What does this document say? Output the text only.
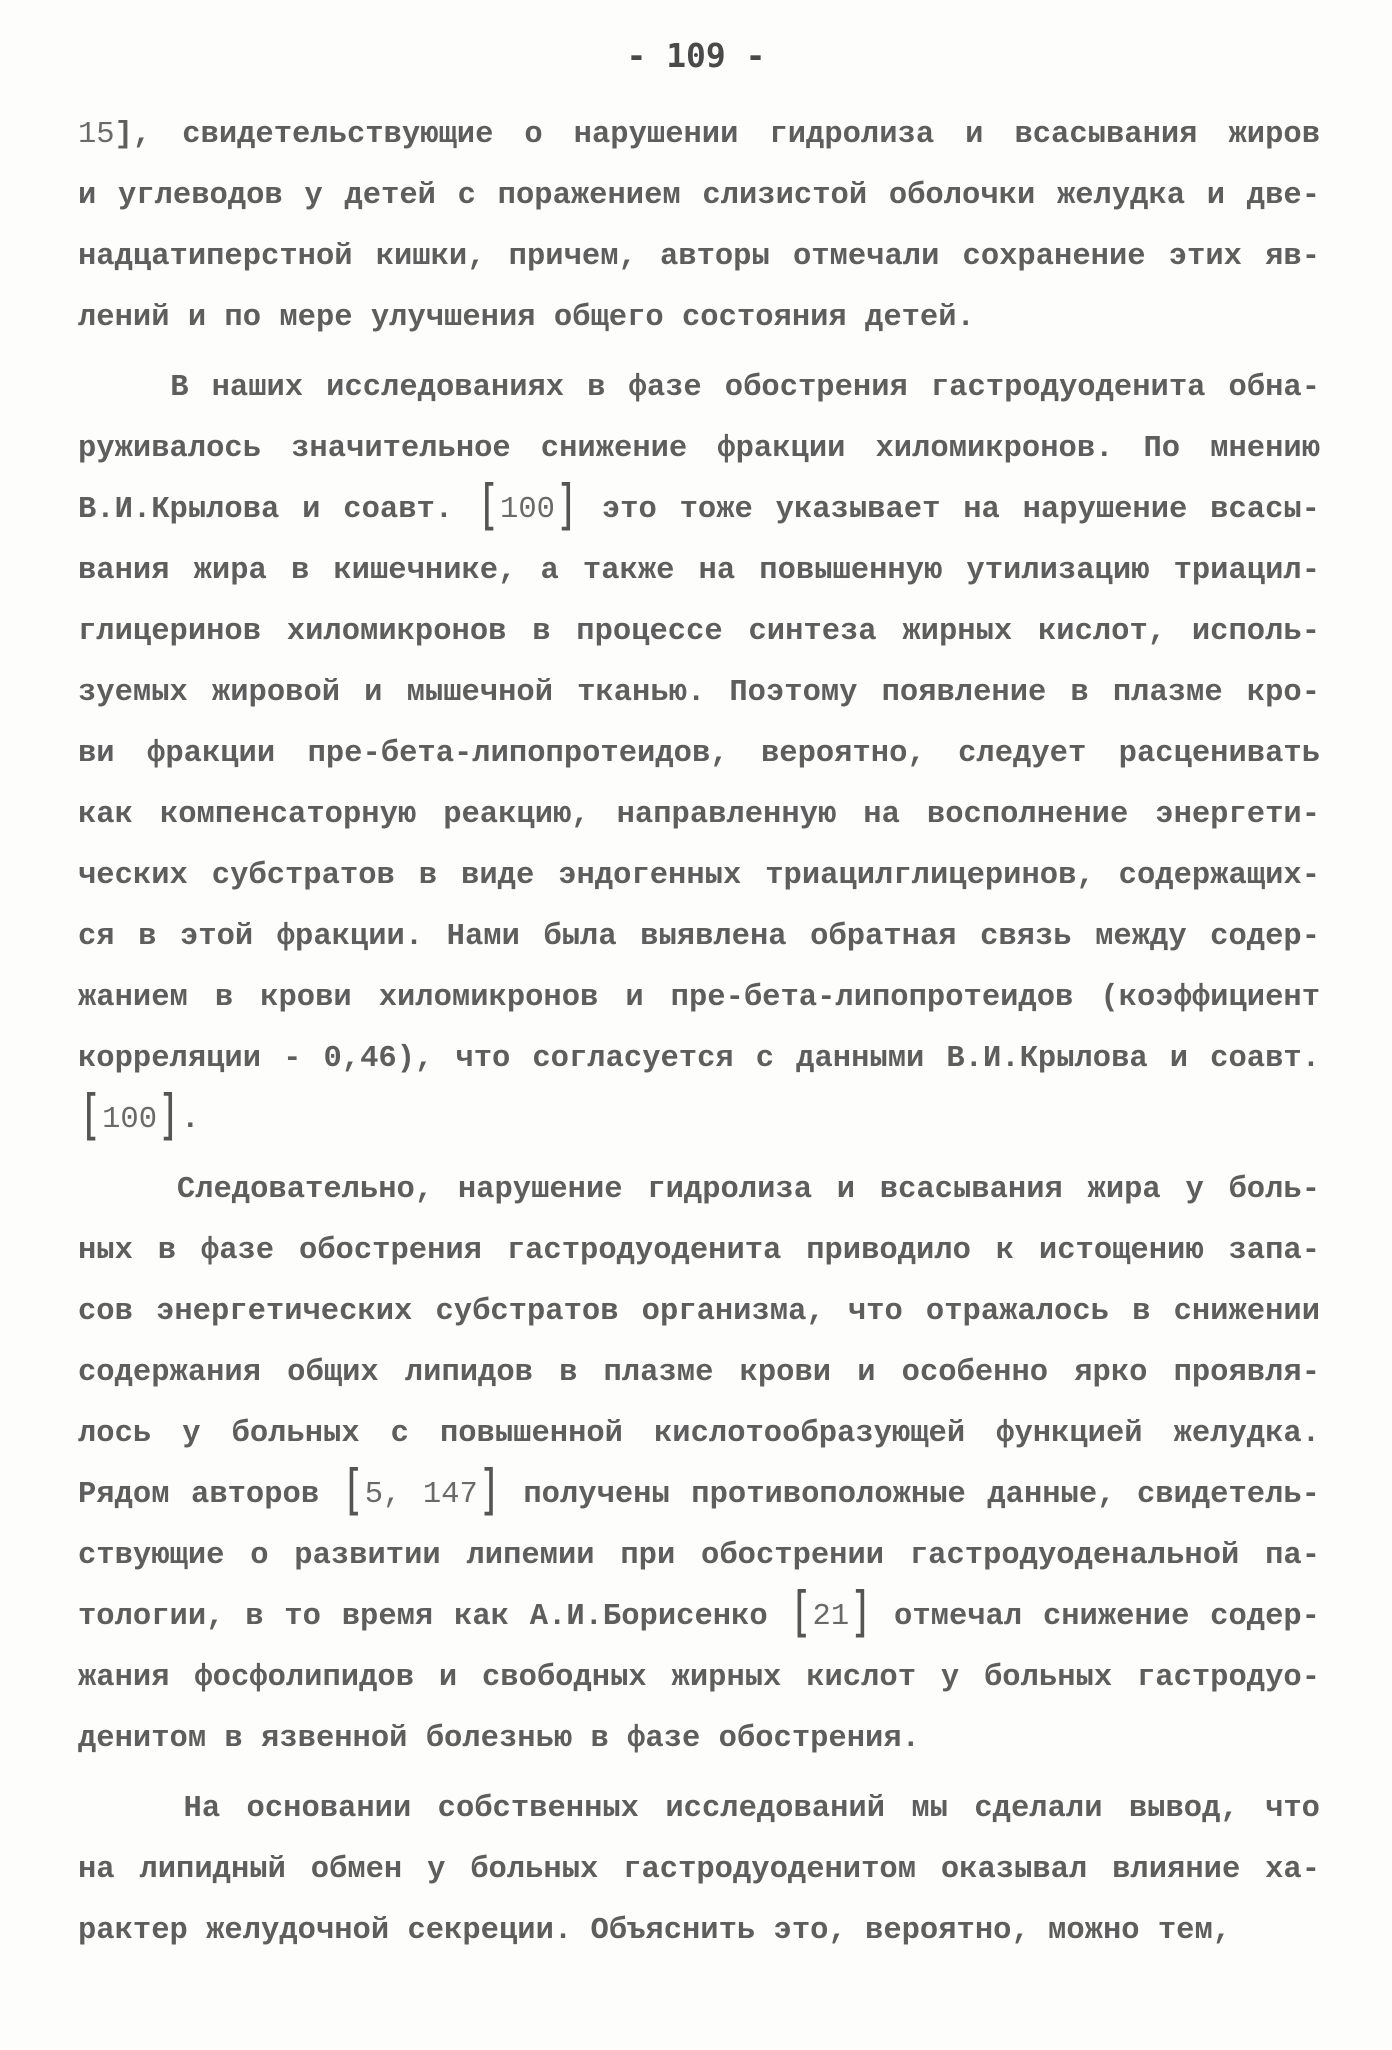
- 109 -

15], свидетельствующие о нарушении гидролиза и всасывания жиров
и углеводов у детей с поражением слизистой оболочки желудка и две-
надцатиперстной кишки, причем, авторы отмечали сохранение этих яв-
лений и по мере улучшения общего состояния детей.
В наших исследованиях в фазе обострения гастродуоденита обна-
руживалось значительное снижение фракции хиломикронов. По мнению
В.И.Крылова и соавт. [100] это тоже указывает на нарушение всасы-
вания жира в кишечнике, а также на повышенную утилизацию триацил-
глицеринов хиломикронов в процессе синтеза жирных кислот, исполь-
зуемых жировой и мышечной тканью. Поэтому появление в плазме кро-
ви фракции пре-бета-липопротеидов, вероятно, следует расценивать
как компенсаторную реакцию, направленную на восполнение энергети-
ческих субстратов в виде эндогенных триацилглицеринов, содержащих-
ся в этой фракции. Нами была выявлена обратная связь между содер-
жанием в крови хиломикронов и пре-бета-липопротеидов (коэффициент
корреляции - 0,46), что согласуется с данными В.И.Крылова и соавт.
[100].
Следовательно, нарушение гидролиза и всасывания жира у боль-
ных в фазе обострения гастродуоденита приводило к истощению запа-
сов энергетических субстратов организма, что отражалось в снижении
содержания общих липидов в плазме крови и особенно ярко проявля-
лось у больных с повышенной кислотообразующей функцией желудка.
Рядом авторов [5, 147] получены противоположные данные, свидетель-
ствующие о развитии липемии при обострении гастродуоденальной па-
тологии, в то время как А.И.Борисенко [21] отмечал снижение содер-
жания фосфолипидов и свободных жирных кислот у больных гастродуо-
денитом в язвенной болезнью в фазе обострения.
На основании собственных исследований мы сделали вывод, что
на липидный обмен у больных гастродуоденитом оказывал влияние ха-
рактер желудочной секреции. Объяснить это, вероятно, можно тем,
